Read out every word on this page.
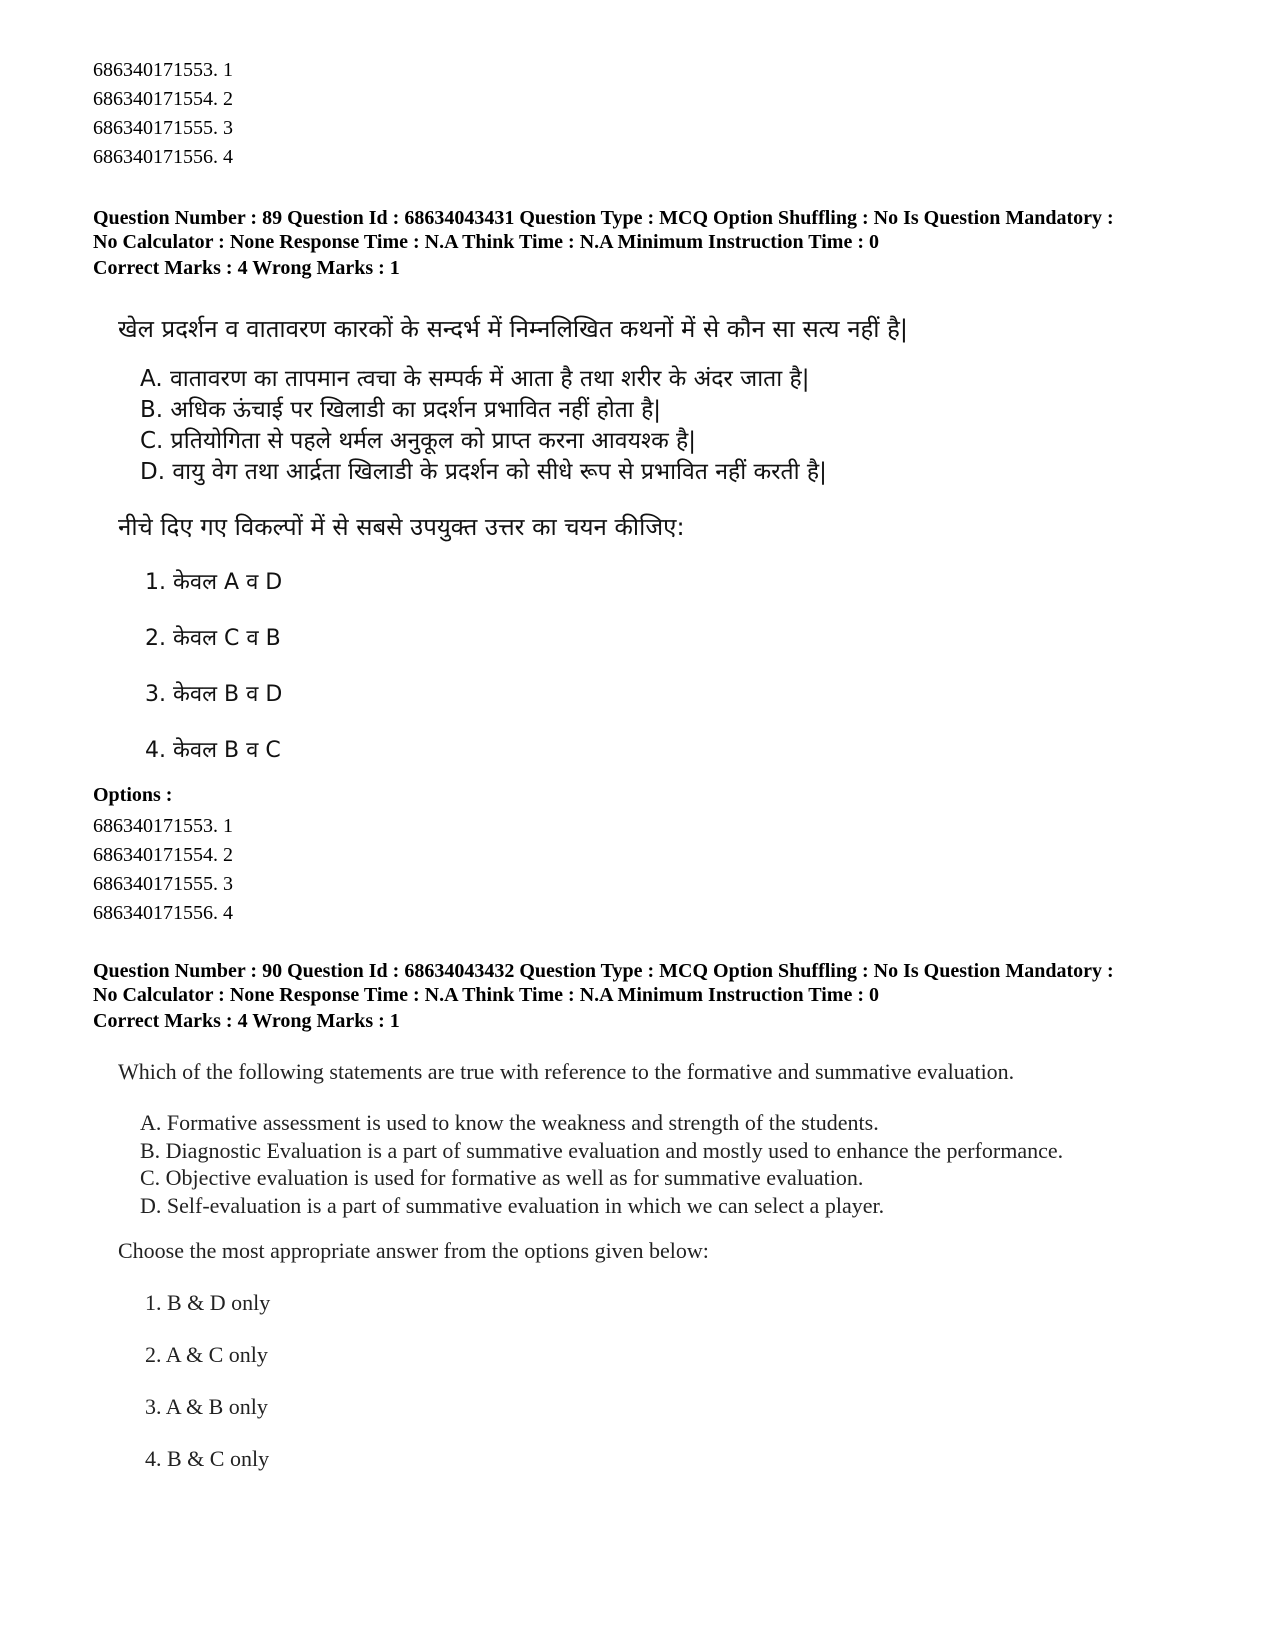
686340171553. 1
686340171554. 2
686340171555. 3
686340171556. 4
Question Number : 89 Question Id : 68634043431 Question Type : MCQ Option Shuffling : No Is Question Mandatory :
No Calculator : None Response Time : N.A Think Time : N.A Minimum Instruction Time : 0
Correct Marks : 4 Wrong Marks : 1
खेल प्रदर्शन व वातावरण कारकों के सन्दर्भ में निम्नलिखित कथनों में से कौन सा सत्य नहीं है|
A. वातावरण का तापमान त्वचा के सम्पर्क में आता है तथा शरीर के अंदर जाता है|
B. अधिक ऊंचाई पर खिलाडी का प्रदर्शन प्रभावित नहीं होता है|
C. प्रतियोगिता से पहले थर्मल अनुकूल को प्राप्त करना आवयश्क है|
D. वायु वेग तथा आर्द्रता खिलाडी के प्रदर्शन को सीधे रूप से प्रभावित नहीं करती है|
नीचे दिए गए विकल्पों में से सबसे उपयुक्त उत्तर का चयन कीजिए:
1. केवल A व D
2. केवल C व B
3. केवल B व D
4. केवल B व C
Options :
686340171553. 1
686340171554. 2
686340171555. 3
686340171556. 4
Question Number : 90 Question Id : 68634043432 Question Type : MCQ Option Shuffling : No Is Question Mandatory :
No Calculator : None Response Time : N.A Think Time : N.A Minimum Instruction Time : 0
Correct Marks : 4 Wrong Marks : 1
Which of the following statements are true with reference to the formative and summative evaluation.
A. Formative assessment is used to know the weakness and strength of the students.
B. Diagnostic Evaluation is a part of summative evaluation and mostly used to enhance the performance.
C. Objective evaluation is used for formative as well as for summative evaluation.
D. Self-evaluation is a part of summative evaluation in which we can select a player.
Choose the most appropriate answer from the options given below:
1. B & D only
2. A & C only
3. A & B only
4. B & C only
